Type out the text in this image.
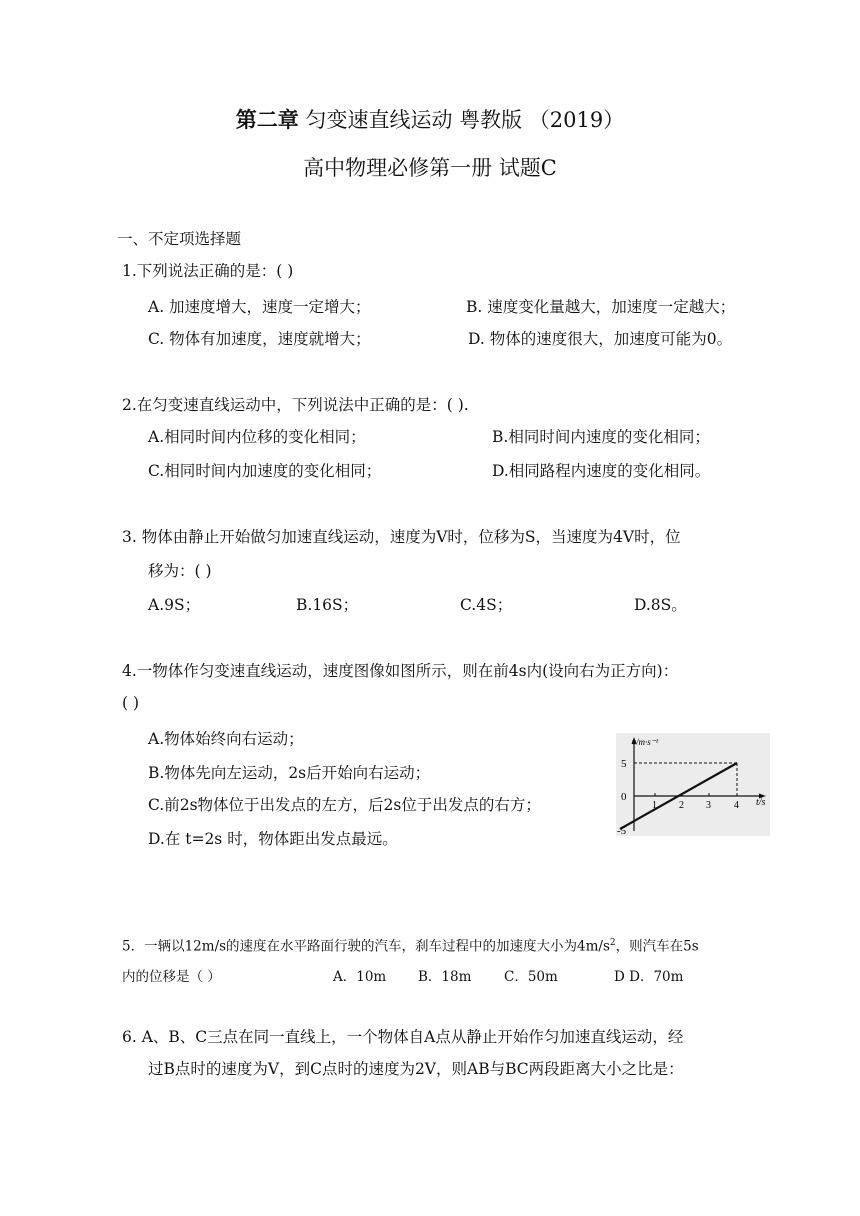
第二章 匀变速直线运动 粤教版 （2019）
高中物理必修第一册 试题C
一、不定项选择题
1.下列说法正确的是：( )
A. 加速度增大，速度一定增大；	B. 速度变化量越大，加速度一定越大；
C. 物体有加速度，速度就增大；	D. 物体的速度很大，加速度可能为0。
2.在匀变速直线运动中，下列说法中正确的是：( ).
A.相同时间内位移的变化相同；	B.相同时间内速度的变化相同；
C.相同时间内加速度的变化相同；	D.相同路程内速度的变化相同。
3. 物体由静止开始做匀加速直线运动，速度为V时，位移为S，当速度为4V时，位
移为：( )
A.9S；	B.16S；	C.4S；	D.8S。
4.一物体作匀变速直线运动，速度图像如图所示，则在前4s内(设向右为正方向)：
( )
A.物体始终向右运动；
B.物体先向左运动，2s后开始向右运动；
C.前2s物体位于出发点的左方，后2s位于出发点的右方；
D.在 t=2s 时，物体距出发点最远。
v/m·s⁻¹
t/s
5
0
-5
1 2 3 4
5．一辆以12m/s的速度在水平路面行驶的汽车，刹车过程中的加速度大小为$4m/s^2$，则汽车在5s
内的位移是（ ）	A．10m B．18m C．50m	D D．70m
6. A、B、C三点在同一直线上，一个物体自A点从静止开始作匀加速直线运动，经
过B点时的速度为V，到C点时的速度为2V，则AB与BC两段距离大小之比是：
